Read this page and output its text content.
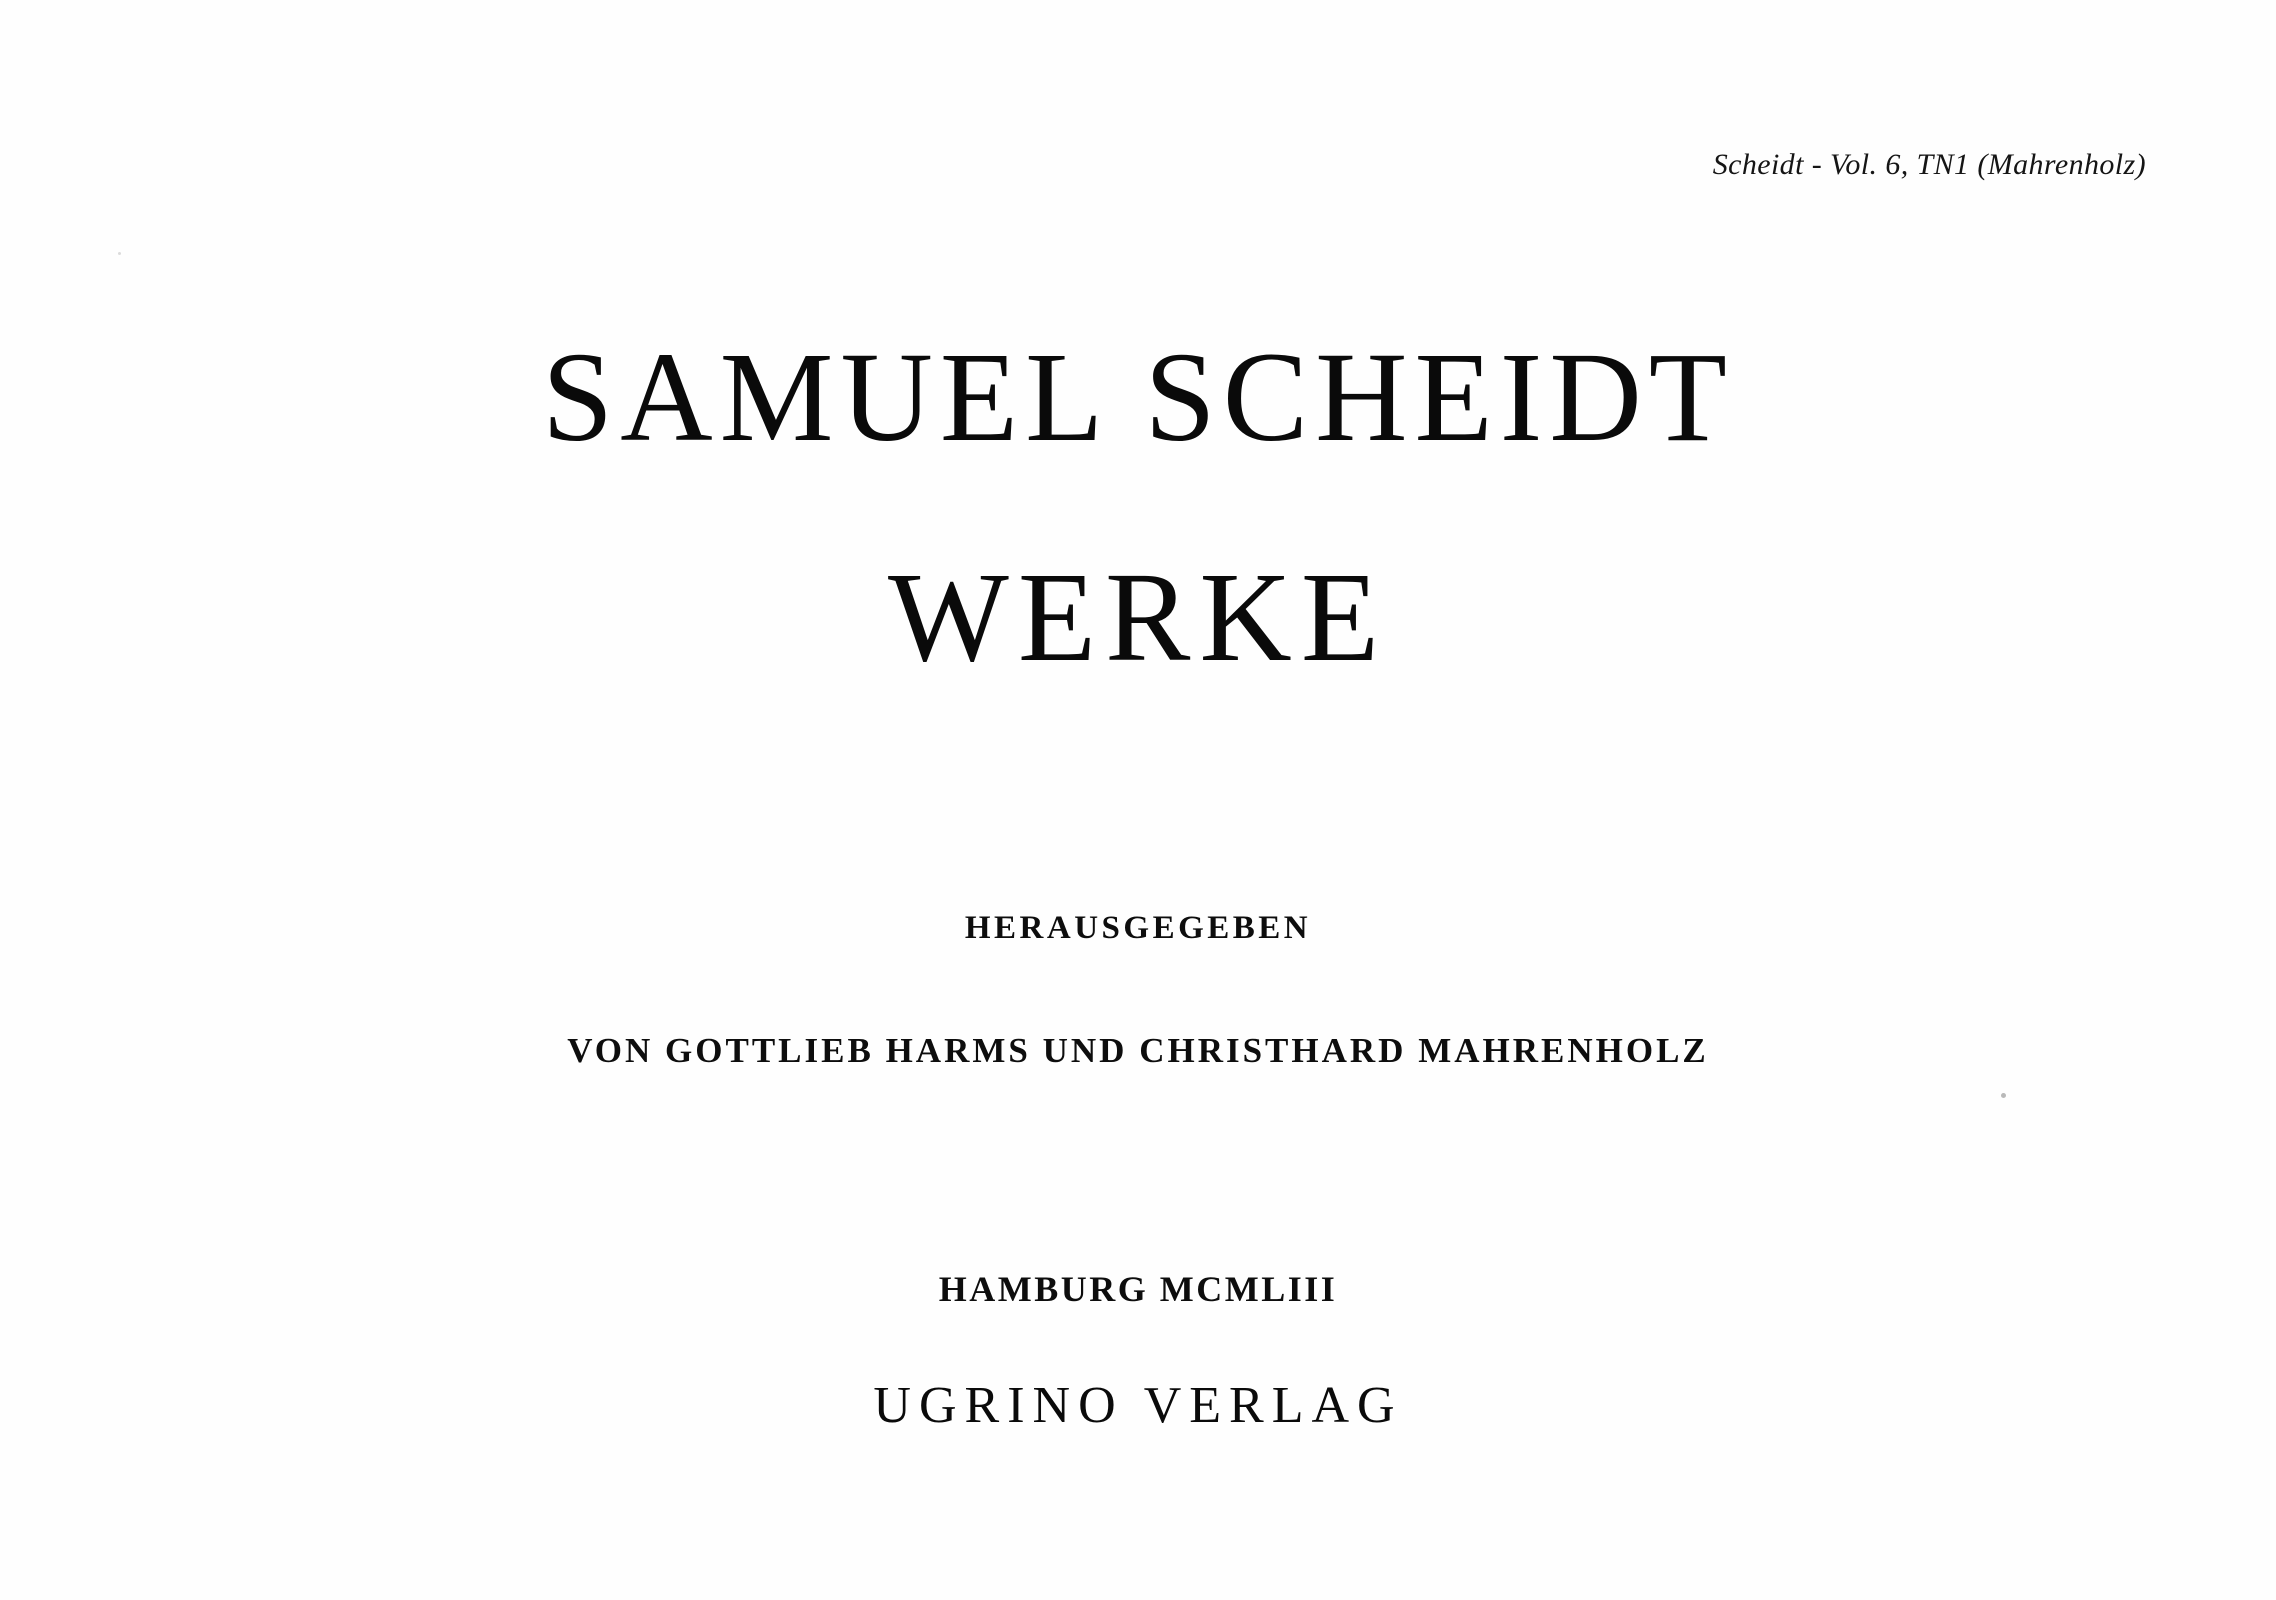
Scheidt - Vol. 6, TN1 (Mahrenholz)
SAMUEL SCHEIDT
WERKE
HERAUSGEGEBEN
VON GOTTLIEB HARMS UND CHRISTHARD MAHRENHOLZ
HAMBURG MCMLIII
UGRINO VERLAG
